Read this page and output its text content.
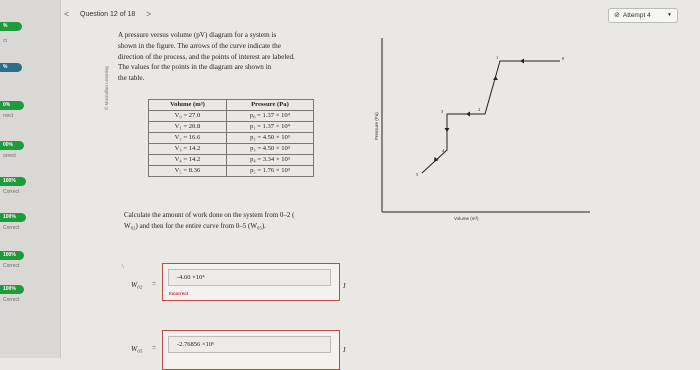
%
ct
%
0%
rrect
00%
orrect
100%
Correct
100%
Correct
100%
Correct
100%
Correct
< Question 12 of 18 >	⊘ Attempt 4	▼
© Macmillan Learning
A pressure versus volume (pV) diagram for a system is
shown in the figure. The arrows of the curve indicate the
direction of the process, and the points of interest are labeled.
The values for the points in the diagram are shown in
the table.
Volume (m³)	Pressure (Pa)
V₀ = 27.0	p₀ = 1.37 × 10⁴
V₁ = 20.8	p₁ = 1.37 × 10⁴
V₂ = 16.6	p₂ = 4.50 × 10³
V₃ = 14.2	p₃ = 4.50 × 10³
V₄ = 14.2	p₄ = 3.34 × 10³
V₅ = 8.36	p₅ = 1.76 × 10³
Calculate the amount of work done on the system from 0–2 (
W₀₂) and then for the entire curve from 0–5 (W₀₅).
\
W₀₂ =
-4.60 ×10⁴
Incorrect
J
W₀₅ =	-2.76856 ×10⁶
J
Pressure (Pa)
Volume (m³)
0
1
2
3
4
5
